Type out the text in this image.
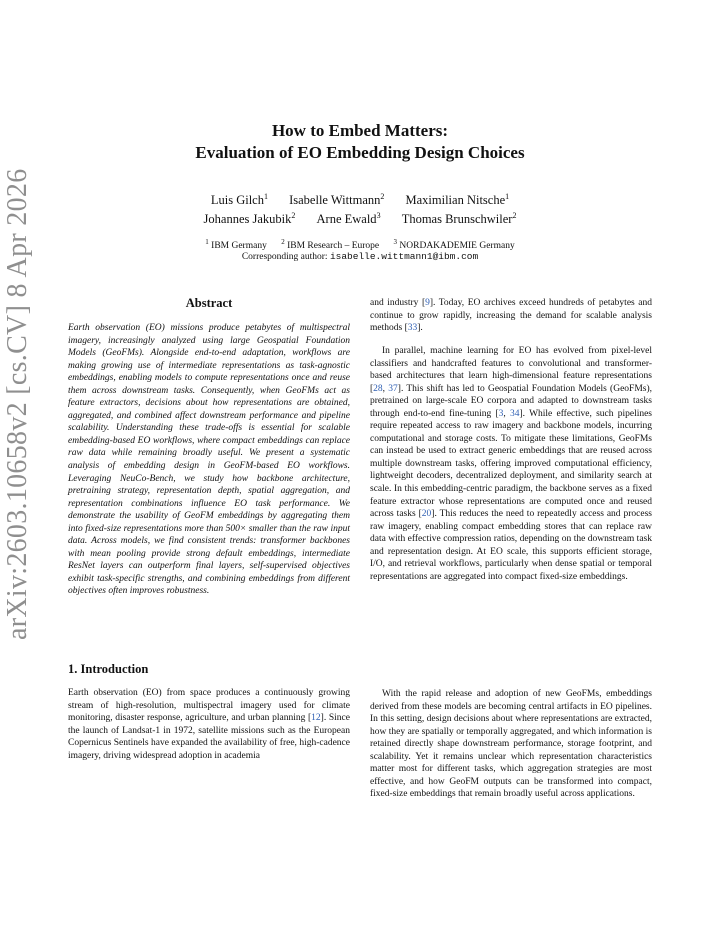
arXiv:2603.10658v2 [cs.CV] 8 Apr 2026
How to Embed Matters:
Evaluation of EO Embedding Design Choices
Luis Gilch$^1$ Isabelle Wittmann$^2$ Maximilian Nitsche$^1$
Johannes Jakubik$^2$ Arne Ewald$^3$ Thomas Brunschwiler$^2$
$^1$ IBM Germany $^2$ IBM Research – Europe $^3$ NORDAKADEMIE Germany
Corresponding author: isabelle.wittmann1@ibm.com
Abstract
Earth observation (EO) missions produce petabytes of multispectral imagery, increasingly analyzed using large Geospatial Foundation Models (GeoFMs). Alongside end-to-end adaptation, workflows are making growing use of intermediate representations as task-agnostic embeddings, enabling models to compute representations once and reuse them across downstream tasks. Consequently, when GeoFMs act as feature extractors, decisions about how representations are obtained, aggregated, and combined affect downstream performance and pipeline scalability. Understanding these trade-offs is essential for scalable embedding-based EO workflows, where compact embeddings can replace raw data while remaining broadly useful. We present a systematic analysis of embedding design in GeoFM-based EO workflows. Leveraging NeuCo-Bench, we study how backbone architecture, pretraining strategy, representation depth, spatial aggregation, and representation combinations influence EO task performance. We demonstrate the usability of GeoFM embeddings by aggregating them into fixed-size representations more than 500× smaller than the raw input data. Across models, we find consistent trends: transformer backbones with mean pooling provide strong default embeddings, intermediate ResNet layers can outperform final layers, self-supervised objectives exhibit task-specific strengths, and combining embeddings from different objectives often improves robustness.
1. Introduction
Earth observation (EO) from space produces a continuously growing stream of high-resolution, multispectral imagery used for climate monitoring, disaster response, agriculture, and urban planning [12]. Since the launch of Landsat-1 in 1972, satellite missions such as the European Copernicus Sentinels have expanded the availability of free, high-cadence imagery, driving widespread adoption in academia
and industry [9]. Today, EO archives exceed hundreds of petabytes and continue to grow rapidly, increasing the demand for scalable analysis methods [33].
In parallel, machine learning for EO has evolved from pixel-level classifiers and handcrafted features to convolutional and transformer-based architectures that learn high-dimensional feature representations [28, 37]. This shift has led to Geospatial Foundation Models (GeoFMs), pretrained on large-scale EO corpora and adapted to downstream tasks through end-to-end fine-tuning [3, 34]. While effective, such pipelines require repeated access to raw imagery and backbone models, incurring computational and storage costs. To mitigate these limitations, GeoFMs can instead be used to extract generic embeddings that are reused across multiple downstream tasks, offering improved computational efficiency, lightweight decoders, decentralized deployment, and similarity search at scale. In this embedding-centric paradigm, the backbone serves as a fixed feature extractor whose representations are computed once and reused across tasks [20]. This reduces the need to repeatedly access and process raw imagery, enabling compact embedding stores that can replace raw data with effective compression ratios, depending on the downstream task and representation design. At EO scale, this supports efficient storage, I/O, and retrieval workflows, particularly when dense spatial or temporal representations are aggregated into compact fixed-size embeddings.
With the rapid release and adoption of new GeoFMs, embeddings derived from these models are becoming central artifacts in EO pipelines. In this setting, design decisions about where representations are extracted, how they are spatially or temporally aggregated, and which information is retained directly shape downstream performance, storage footprint, and scalability. Yet it remains unclear which representation characteristics matter most for different tasks, which aggregation strategies are most effective, and how GeoFM outputs can be transformed into compact, fixed-size embeddings that remain broadly useful across applications.
